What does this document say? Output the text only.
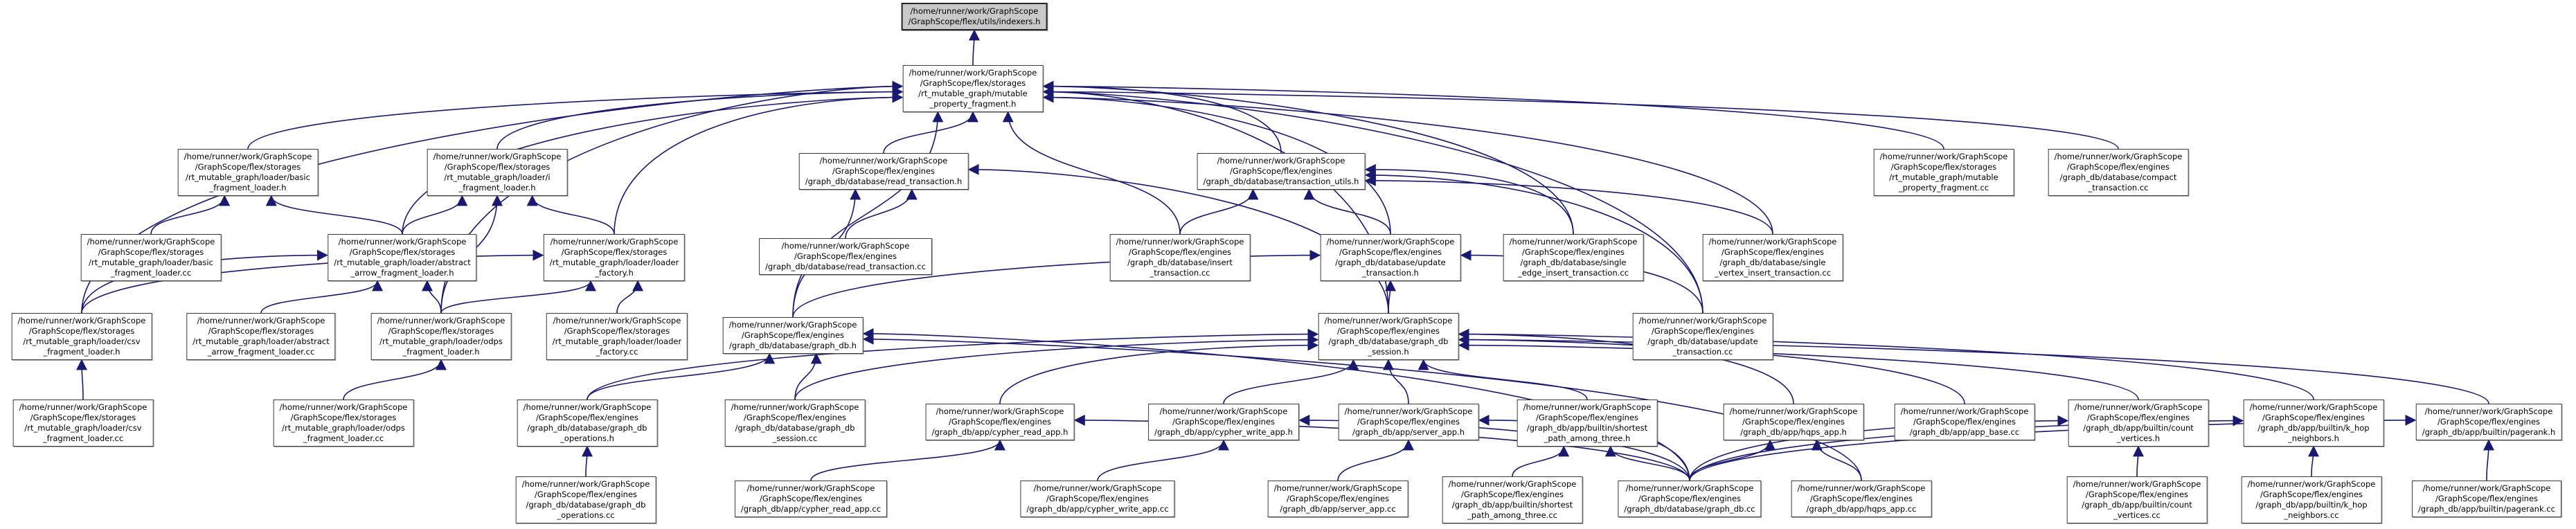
/home/runner/work/GraphScope
/GraphScope/flex/utils/indexers.h
/home/runner/work/GraphScope
/GraphScope/flex/storages
/rt_mutable_graph/mutable
_property_fragment.h
/home/runner/work/GraphScope
/GraphScope/flex/storages
/rt_mutable_graph/loader/basic
_fragment_loader.h
/home/runner/work/GraphScope
/GraphScope/flex/storages
/rt_mutable_graph/loader/i
_fragment_loader.h
/home/runner/work/GraphScope
/GraphScope/flex/engines
/graph_db/database/read_transaction.h
/home/runner/work/GraphScope
/GraphScope/flex/engines
/graph_db/database/transaction_utils.h
/home/runner/work/GraphScope
/GraphScope/flex/storages
/rt_mutable_graph/mutable
_property_fragment.cc
/home/runner/work/GraphScope
/GraphScope/flex/engines
/graph_db/database/compact
_transaction.cc
/home/runner/work/GraphScope
/GraphScope/flex/storages
/rt_mutable_graph/loader/basic
_fragment_loader.cc
/home/runner/work/GraphScope
/GraphScope/flex/storages
/rt_mutable_graph/loader/abstract
_arrow_fragment_loader.h
/home/runner/work/GraphScope
/GraphScope/flex/storages
/rt_mutable_graph/loader/loader
_factory.h
/home/runner/work/GraphScope
/GraphScope/flex/engines
/graph_db/database/read_transaction.cc
/home/runner/work/GraphScope
/GraphScope/flex/engines
/graph_db/database/insert
_transaction.cc
/home/runner/work/GraphScope
/GraphScope/flex/engines
/graph_db/database/update
_transaction.h
/home/runner/work/GraphScope
/GraphScope/flex/engines
/graph_db/database/single
_edge_insert_transaction.cc
/home/runner/work/GraphScope
/GraphScope/flex/engines
/graph_db/database/single
_vertex_insert_transaction.cc
/home/runner/work/GraphScope
/GraphScope/flex/storages
/rt_mutable_graph/loader/csv
_fragment_loader.h
/home/runner/work/GraphScope
/GraphScope/flex/storages
/rt_mutable_graph/loader/abstract
_arrow_fragment_loader.cc
/home/runner/work/GraphScope
/GraphScope/flex/storages
/rt_mutable_graph/loader/odps
_fragment_loader.h
/home/runner/work/GraphScope
/GraphScope/flex/storages
/rt_mutable_graph/loader/loader
_factory.cc
/home/runner/work/GraphScope
/GraphScope/flex/engines
/graph_db/database/graph_db.h
/home/runner/work/GraphScope
/GraphScope/flex/engines
/graph_db/database/graph_db
_session.h
/home/runner/work/GraphScope
/GraphScope/flex/engines
/graph_db/database/update
_transaction.cc
/home/runner/work/GraphScope
/GraphScope/flex/storages
/rt_mutable_graph/loader/csv
_fragment_loader.cc
/home/runner/work/GraphScope
/GraphScope/flex/storages
/rt_mutable_graph/loader/odps
_fragment_loader.cc
/home/runner/work/GraphScope
/GraphScope/flex/engines
/graph_db/database/graph_db
_operations.h
/home/runner/work/GraphScope
/GraphScope/flex/engines
/graph_db/database/graph_db
_session.cc
/home/runner/work/GraphScope
/GraphScope/flex/engines
/graph_db/app/cypher_read_app.h
/home/runner/work/GraphScope
/GraphScope/flex/engines
/graph_db/app/cypher_write_app.h
/home/runner/work/GraphScope
/GraphScope/flex/engines
/graph_db/app/server_app.h
/home/runner/work/GraphScope
/GraphScope/flex/engines
/graph_db/app/builtin/shortest
_path_among_three.h
/home/runner/work/GraphScope
/GraphScope/flex/engines
/graph_db/app/hqps_app.h
/home/runner/work/GraphScope
/GraphScope/flex/engines
/graph_db/app/app_base.cc
/home/runner/work/GraphScope
/GraphScope/flex/engines
/graph_db/app/builtin/count
_vertices.h
/home/runner/work/GraphScope
/GraphScope/flex/engines
/graph_db/app/builtin/k_hop
_neighbors.h
/home/runner/work/GraphScope
/GraphScope/flex/engines
/graph_db/app/builtin/pagerank.h
/home/runner/work/GraphScope
/GraphScope/flex/engines
/graph_db/database/graph_db
_operations.cc
/home/runner/work/GraphScope
/GraphScope/flex/engines
/graph_db/app/cypher_read_app.cc
/home/runner/work/GraphScope
/GraphScope/flex/engines
/graph_db/app/cypher_write_app.cc
/home/runner/work/GraphScope
/GraphScope/flex/engines
/graph_db/app/server_app.cc
/home/runner/work/GraphScope
/GraphScope/flex/engines
/graph_db/app/builtin/shortest
_path_among_three.cc
/home/runner/work/GraphScope
/GraphScope/flex/engines
/graph_db/database/graph_db.cc
/home/runner/work/GraphScope
/GraphScope/flex/engines
/graph_db/app/hqps_app.cc
/home/runner/work/GraphScope
/GraphScope/flex/engines
/graph_db/app/builtin/count
_vertices.cc
/home/runner/work/GraphScope
/GraphScope/flex/engines
/graph_db/app/builtin/k_hop
_neighbors.cc
/home/runner/work/GraphScope
/GraphScope/flex/engines
/graph_db/app/builtin/pagerank.cc
